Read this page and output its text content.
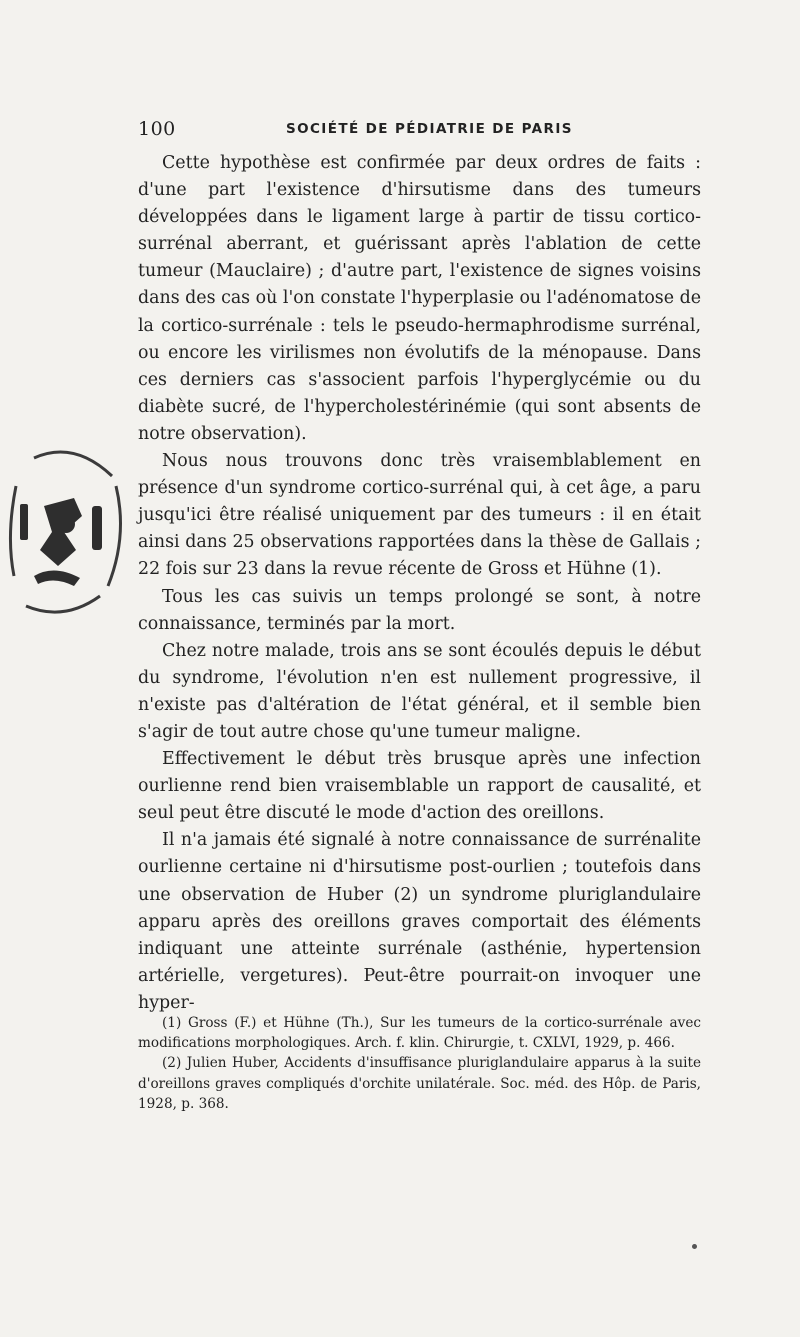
100	SOCIÉTÉ DE PÉDIATRIE DE PARIS

Cette hypothèse est confirmée par deux ordres de faits : d'une part l'existence d'hirsutisme dans des tumeurs développées dans le ligament large à partir de tissu cortico-surrénal aberrant, et guérissant après l'ablation de cette tumeur (Mauclaire) ; d'autre part, l'existence de signes voisins dans des cas où l'on constate l'hyperplasie ou l'adénomatose de la cortico-surrénale : tels le pseudo-hermaphrodisme surrénal, ou encore les virilismes non évolutifs de la ménopause. Dans ces derniers cas s'associent parfois l'hyperglycémie ou du diabète sucré, de l'hypercholestérinémie (qui sont absents de notre observation).

Nous nous trouvons donc très vraisemblablement en présence d'un syndrome cortico-surrénal qui, à cet âge, a paru jusqu'ici être réalisé uniquement par des tumeurs : il en était ainsi dans 25 observations rapportées dans la thèse de Gallais ; 22 fois sur 23 dans la revue récente de Gross et Hühne (1).

Tous les cas suivis un temps prolongé se sont, à notre connaissance, terminés par la mort.

Chez notre malade, trois ans se sont écoulés depuis le début du syndrome, l'évolution n'en est nullement progressive, il n'existe pas d'altération de l'état général, et il semble bien s'agir de tout autre chose qu'une tumeur maligne.

Effectivement le début très brusque après une infection ourlienne rend bien vraisemblable un rapport de causalité, et seul peut être discuté le mode d'action des oreillons.

Il n'a jamais été signalé à notre connaissance de surrénalite ourlienne certaine ni d'hirsutisme post-ourlien ; toutefois dans une observation de Huber (2) un syndrome pluriglandulaire apparu après des oreillons graves comportait des éléments indiquant une atteinte surrénale (asthénie, hypertension artérielle, vergetures). Peut-être pourrait-on invoquer une hyper-

(1) Gross (F.) et Hühne (Th.), Sur les tumeurs de la cortico-surrénale avec modifications morphologiques. Arch. f. klin. Chirurgie, t. CXLVI, 1929, p. 466.

(2) Julien Huber, Accidents d'insuffisance pluriglandulaire apparus à la suite d'oreillons graves compliqués d'orchite unilatérale. Soc. méd. des Hôp. de Paris, 1928, p. 368.
